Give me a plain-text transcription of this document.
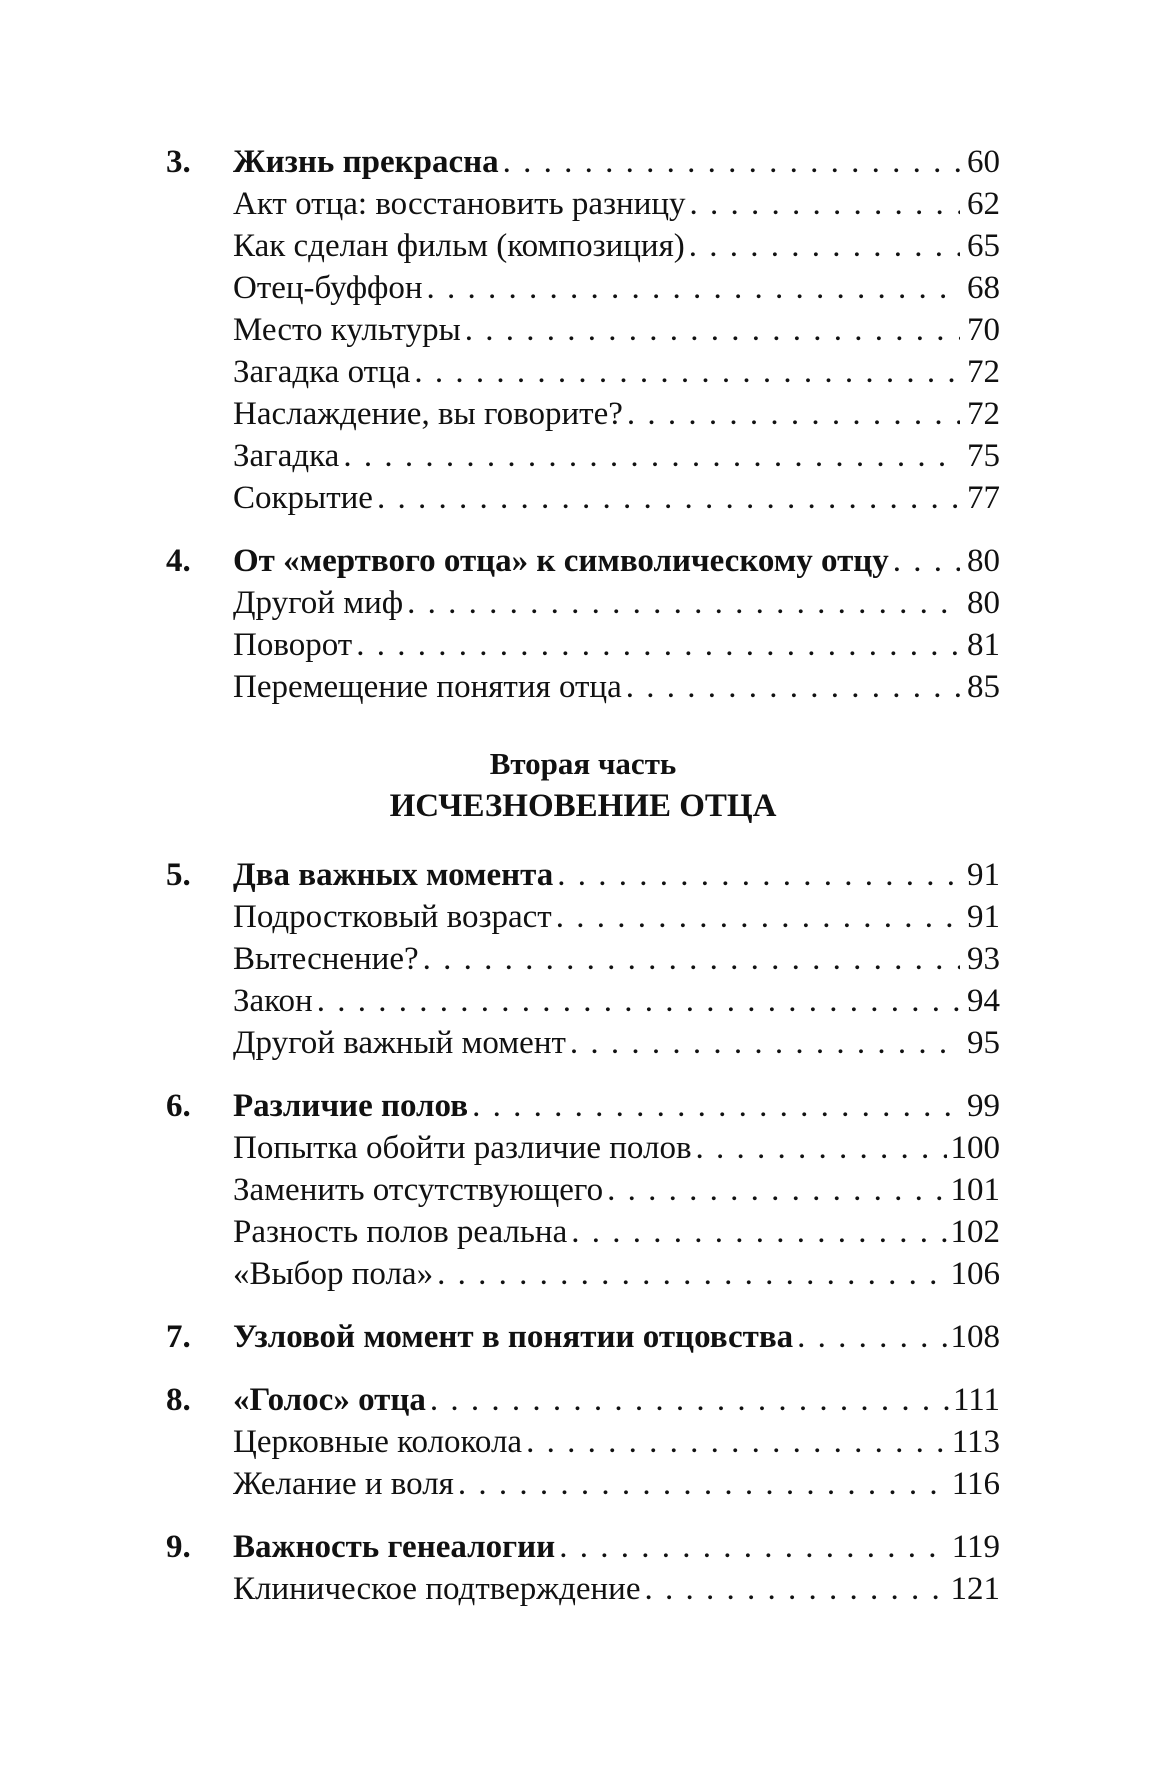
3.	Жизнь прекрасна . . .	60
Акт отца: восстановить разницу . . .	62
Как сделан фильм (композиция) . . .	65
Отец-буффон . . .	68
Место культуры . . .	70
Загадка отца . . .	72
Наслаждение, вы говорите? . . .	72
Загадка . . .	75
Сокрытие . . .	77
4.	От «мертвого отца» к символическому отцу . . . 80
Другой миф . . .	80
Поворот . . .	81
Перемещение понятия отца . . .	85
Вторая часть
ИСЧЕЗНОВЕНИЕ ОТЦА
5.	Два важных момента . . .	91
Подростковый возраст . . .	91
Вытеснение? . . .	93
Закон . . .	94
Другой важный момент . . .	95
6.	Различие полов . . .	99
Попытка обойти различие полов . . .	100
Заменить отсутствующего . . .	101
Разность полов реальна . . .	102
«Выбор пола» . . .	106
7.	Узловой момент в понятии отцовства . . .	108
8.	«Голос» отца . . .	111
Церковные колокола . . .	113
Желание и воля . . .	116
9.	Важность генеалогии . . .	119
Клиническое подтверждение . . .	121
